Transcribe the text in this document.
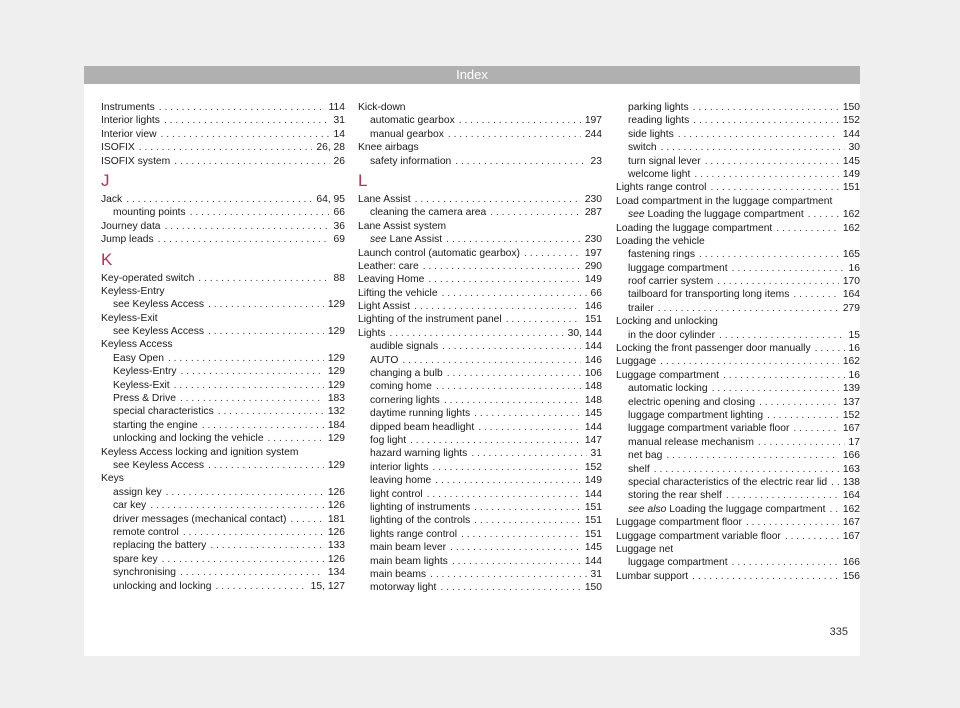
Index
Instruments . . .	114
Interior lights . . .	31
Interior view . . .	14
ISOFIX . . .	26, 28
ISOFIX system . . .	26
J
Jack . . .	64, 95
mounting points . . .	66
Journey data . . .	36
Jump leads . . .	69
K
Key-operated switch . . .	88
Keyless-Entry
see Keyless Access . . .	129
Keyless-Exit
see Keyless Access . . .	129
Keyless Access
Easy Open . . .	129
Keyless-Entry . . .	129
Keyless-Exit . . .	129
Press & Drive . . .	183
special characteristics . . .	132
starting the engine . . .	184
unlocking and locking the vehicle . . .	129
Keyless Access locking and ignition system
see Keyless Access . . .	129
Keys
assign key . . .	126
car key . . .	126
driver messages (mechanical contact) . . .	181
remote control . . .	126
replacing the battery . . .	133
spare key . . .	126
synchronising . . .	134
unlocking and locking . . .	15, 127
Kick-down
automatic gearbox . . .	197
manual gearbox . . .	244
Knee airbags
safety information . . .	23
L
Lane Assist . . .	230
cleaning the camera area . . .	287
Lane Assist system
see Lane Assist . . .	230
Launch control (automatic gearbox) . . .	197
Leather: care . . .	290
Leaving Home . . .	149
Lifting the vehicle . . .	66
Light Assist . . .	146
Lighting of the instrument panel . . .	151
Lights . . .	30, 144
audible signals . . .	144
AUTO . . .	146
changing a bulb . . .	106
coming home . . .	148
cornering lights . . .	148
daytime running lights . . .	145
dipped beam headlight . . .	144
fog light . . .	147
hazard warning lights . . .	31
interior lights . . .	152
leaving home . . .	149
light control . . .	144
lighting of instruments . . .	151
lighting of the controls . . .	151
lights range control . . .	151
main beam lever . . .	145
main beam lights . . .	144
main beams . . .	31
motorway light . . .	150
parking lights . . .	150
reading lights . . .	152
side lights . . .	144
switch . . .	30
turn signal lever . . .	145
welcome light . . .	149
Lights range control . . .	151
Load compartment in the luggage compartment
see Loading the luggage compartment . . .	162
Loading the luggage compartment . . .	162
Loading the vehicle
fastening rings . . .	165
luggage compartment . . .	16
roof carrier system . . .	170
tailboard for transporting long items . . .	164
trailer . . .	279
Locking and unlocking
in the door cylinder . . .	15
Locking the front passenger door manually . . .	16
Luggage . . .	162
Luggage compartment . . .	16
automatic locking . . .	139
electric opening and closing . . .	137
luggage compartment lighting . . .	152
luggage compartment variable floor . . .	167
manual release mechanism . . .	17
net bag . . .	166
shelf . . .	163
special characteristics of the electric rear lid . . . 138
storing the rear shelf . . .	164
see also Loading the luggage compartment . . . 162
Luggage compartment floor . . .	167
Luggage compartment variable floor . . .	167
Luggage net
luggage compartment . . .	166
Lumbar support . . .	156
335
